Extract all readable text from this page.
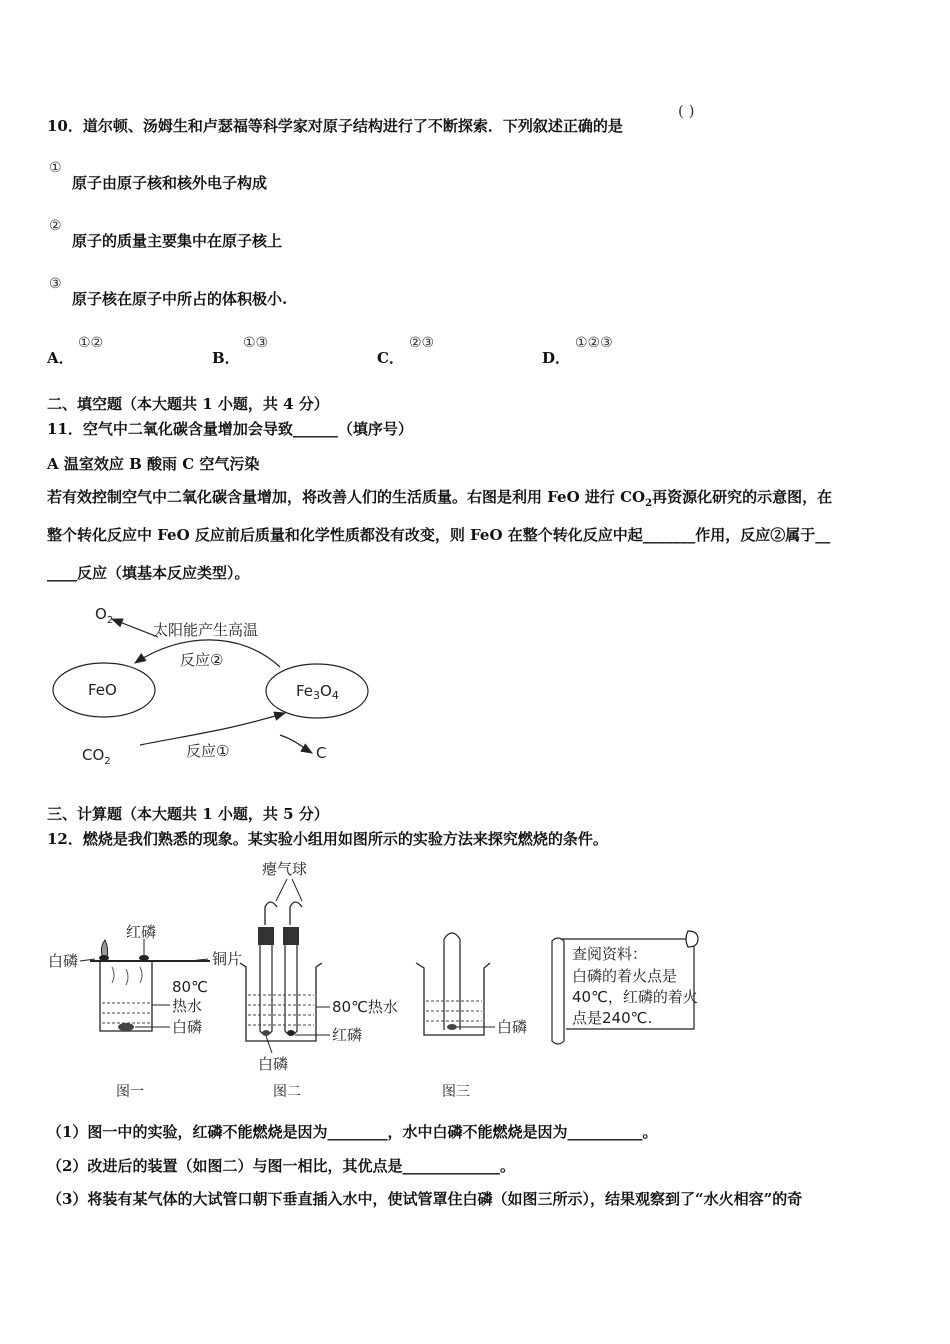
10．道尔顿、汤姆生和卢瑟福等科学家对原子结构进行了不断探索．下列叙述正确的是
( )
①
原子由原子核和核外电子构成
②
原子的质量主要集中在原子核上
③
原子核在原子中所占的体积极小.
A．
①②
B．
①③
C．
②③
D．
①②③
二、填空题（本大题共 1 小题，共 4 分）
11．空气中二氧化碳含量增加会导致______（填序号）
A 温室效应 B 酸雨 C 空气污染
若有效控制空气中二氧化碳含量增加，将改善人们的生活质量。右图是利用 FeO 进行 $CO_2$再资源化研究的示意图，在
整个转化反应中 FeO 反应前后质量和化学性质都没有改变，则 FeO 在整个转化反应中起_______作用，反应②属于__
____反应（填基本反应类型）。
$O_2$
太阳能产生高温
反应②
FeO	$Fe_3O_4$
$CO_2$
反应①	C
三、计算题（本大题共 1 小题，共 5 分）
12．燃烧是我们熟悉的现象。某实验小组用如图所示的实验方法来探究燃烧的条件。
红磷
白磷	铜片
80℃
热水
白磷
瘪气球
80℃热水
红磷
白磷
白磷
查阅资料：
白磷的着火点是
40℃，红磷的着火
点是240℃.
图一	图二	图三
（1）图一中的实验，红磷不能燃烧是因为________，水中白磷不能燃烧是因为__________。
（2）改进后的装置（如图二）与图一相比，其优点是_____________。
（3）将装有某气体的大试管口朝下垂直插入水中，使试管罩住白磷（如图三所示），结果观察到了“水火相容”的奇
